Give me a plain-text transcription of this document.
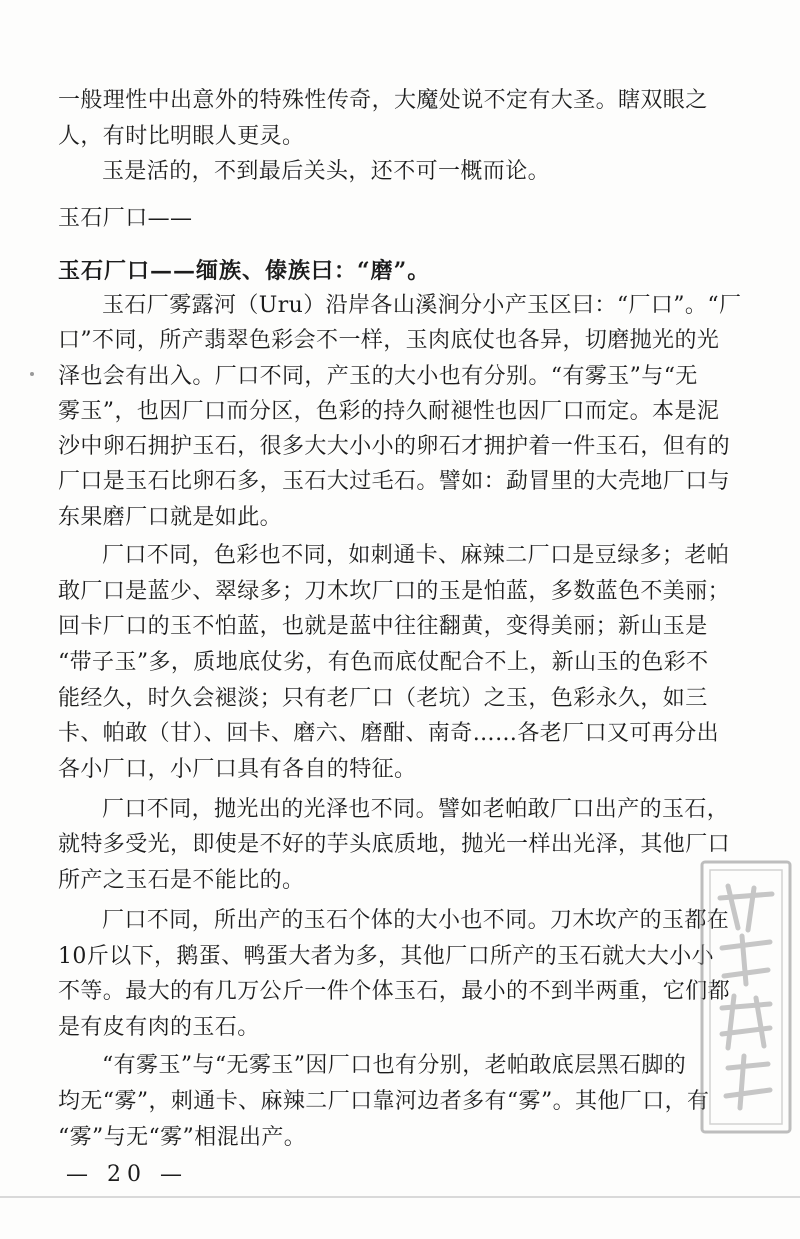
一般理性中出意外的特殊性传奇，大魔处说不定有大圣。瞎双眼之
人，有时比明眼人更灵。
玉是活的，不到最后关头，还不可一概而论。
玉石厂口——
玉石厂口——缅族、傣族曰：“磨”。
玉石厂雾露河（Uru）沿岸各山溪涧分小产玉区曰：“厂口”。“厂
口”不同，所产翡翠色彩会不一样，玉肉底仗也各异，切磨抛光的光
泽也会有出入。厂口不同，产玉的大小也有分别。“有雾玉”与“无
雾玉”，也因厂口而分区，色彩的持久耐褪性也因厂口而定。本是泥
沙中卵石拥护玉石，很多大大小小的卵石才拥护着一件玉石，但有的
厂口是玉石比卵石多，玉石大过毛石。譬如：勐冒里的大壳地厂口与
东果磨厂口就是如此。
厂口不同，色彩也不同，如刺通卡、麻辣二厂口是豆绿多；老帕
敢厂口是蓝少、翠绿多；刀木坎厂口的玉是怕蓝，多数蓝色不美丽；
回卡厂口的玉不怕蓝，也就是蓝中往往翻黄，变得美丽；新山玉是
“带子玉”多，质地底仗劣，有色而底仗配合不上，新山玉的色彩不
能经久，时久会褪淡；只有老厂口（老坑）之玉，色彩永久，如三
卡、帕敢（甘）、回卡、磨六、磨酣、南奇……各老厂口又可再分出
各小厂口，小厂口具有各自的特征。
厂口不同，抛光出的光泽也不同。譬如老帕敢厂口出产的玉石，
就特多受光，即使是不好的芋头底质地，抛光一样出光泽，其他厂口
所产之玉石是不能比的。
厂口不同，所出产的玉石个体的大小也不同。刀木坎产的玉都在
10斤以下，鹅蛋、鸭蛋大者为多，其他厂口所产的玉石就大大小小
不等。最大的有几万公斤一件个体玉石，最小的不到半两重，它们都
是有皮有肉的玉石。
“有雾玉”与“无雾玉”因厂口也有分别，老帕敢底层黑石脚的
均无“雾”，刺通卡、麻辣二厂口靠河边者多有“雾”。其他厂口，有
“雾”与无“雾”相混出产。
— 20 —
